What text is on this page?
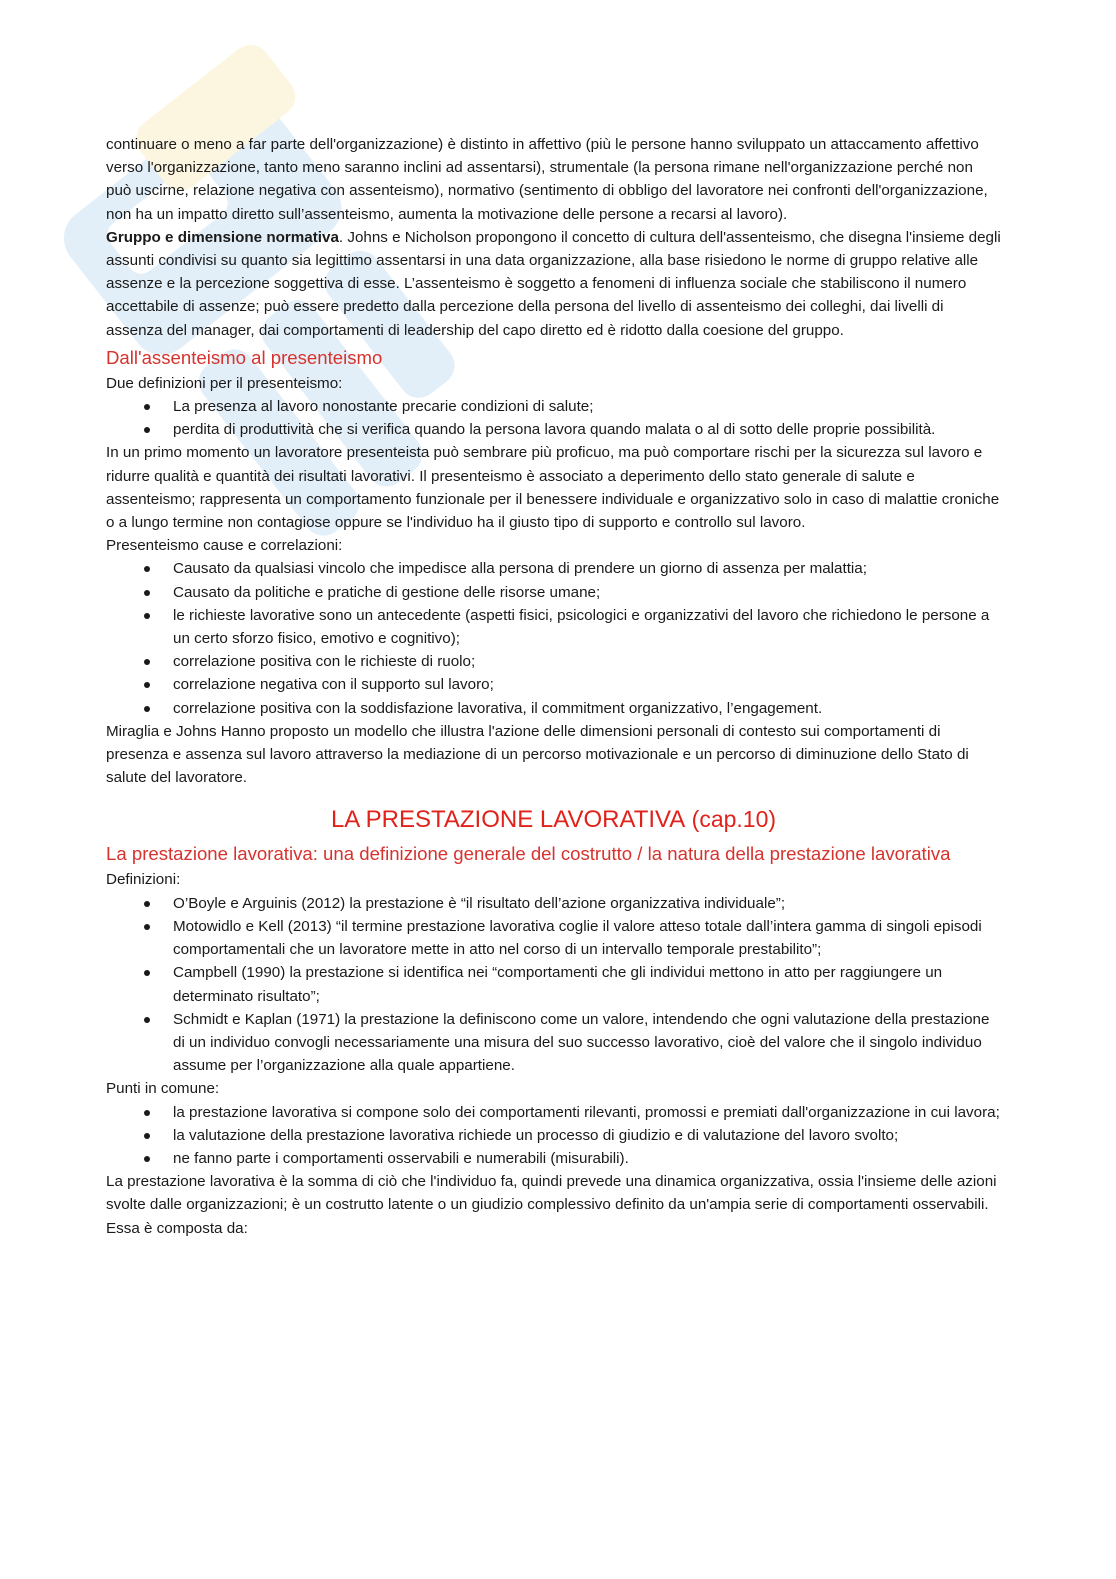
continuare o meno a far parte dell'organizzazione) è distinto in affettivo (più le persone hanno sviluppato un attaccamento affettivo verso l'organizzazione, tanto meno saranno inclini ad assentarsi), strumentale (la persona rimane nell'organizzazione perché non può uscirne, relazione negativa con assenteismo), normativo (sentimento di obbligo del lavoratore nei confronti dell'organizzazione, non ha un impatto diretto sull’assenteismo, aumenta la motivazione delle persone a recarsi al lavoro).

Gruppo e dimensione normativa. Johns e Nicholson propongono il concetto di cultura dell'assenteismo, che disegna l'insieme degli assunti condivisi su quanto sia legittimo assentarsi in una data organizzazione, alla base risiedono le norme di gruppo relative alle assenze e la percezione soggettiva di esse. L’assenteismo è soggetto a fenomeni di influenza sociale che stabiliscono il numero accettabile di assenze; può essere predetto dalla percezione della persona del livello di assenteismo dei colleghi, dai livelli di assenza del manager, dai comportamenti di leadership del capo diretto ed è ridotto dalla coesione del gruppo.

Dall'assenteismo al presenteismo

Due definizioni per il presenteismo:

La presenza al lavoro nonostante precarie condizioni di salute;
perdita di produttività che si verifica quando la persona lavora quando malata o al di sotto delle proprie possibilità.

In un primo momento un lavoratore presenteista può sembrare più proficuo, ma può comportare rischi per la sicurezza sul lavoro e ridurre qualità e quantità dei risultati lavorativi. Il presenteismo è associato a deperimento dello stato generale di salute e assenteismo; rappresenta un comportamento funzionale per il benessere individuale e organizzativo solo in caso di malattie croniche o a lungo termine non contagiose oppure se l'individuo ha il giusto tipo di supporto e controllo sul lavoro.

Presenteismo cause e correlazioni:

Causato da qualsiasi vincolo che impedisce alla persona di prendere un giorno di assenza per malattia;
Causato da politiche e pratiche di gestione delle risorse umane;
le richieste lavorative sono un antecedente (aspetti fisici, psicologici e organizzativi del lavoro che richiedono le persone a un certo sforzo fisico, emotivo e cognitivo);
correlazione positiva con le richieste di ruolo;
correlazione negativa con il supporto sul lavoro;
correlazione positiva con la soddisfazione lavorativa, il commitment organizzativo, l’engagement.

Miraglia e Johns Hanno proposto un modello che illustra l'azione delle dimensioni personali di contesto sui comportamenti di presenza e assenza sul lavoro attraverso la mediazione di un percorso motivazionale e un percorso di diminuzione dello Stato di salute del lavoratore.

LA PRESTAZIONE LAVORATIVA (cap.10)
La prestazione lavorativa: una definizione generale del costrutto / la natura della prestazione lavorativa

Definizioni:

O’Boyle e Arguinis (2012) la prestazione è “il risultato dell’azione organizzativa individuale”;
Motowidlo e Kell (2013) “il termine prestazione lavorativa coglie il valore atteso totale dall’intera gamma di singoli episodi comportamentali che un lavoratore mette in atto nel corso di un intervallo temporale prestabilito”;
Campbell (1990) la prestazione si identifica nei “comportamenti che gli individui mettono in atto per raggiungere un determinato risultato”;
Schmidt e Kaplan (1971) la prestazione la definiscono come un valore, intendendo che ogni valutazione della prestazione di un individuo convogli necessariamente una misura del suo successo lavorativo, cioè del valore che il singolo individuo assume per l’organizzazione alla quale appartiene.

Punti in comune:

la prestazione lavorativa si compone solo dei comportamenti rilevanti, promossi e premiati dall'organizzazione in cui lavora;
la valutazione della prestazione lavorativa richiede un processo di giudizio e di valutazione del lavoro svolto;
ne fanno parte i comportamenti osservabili e numerabili (misurabili).

La prestazione lavorativa è la somma di ciò che l'individuo fa, quindi prevede una dinamica organizzativa, ossia l'insieme delle azioni svolte dalle organizzazioni; è un costrutto latente o un giudizio complessivo definito da un'ampia serie di comportamenti osservabili. Essa è composta da:
